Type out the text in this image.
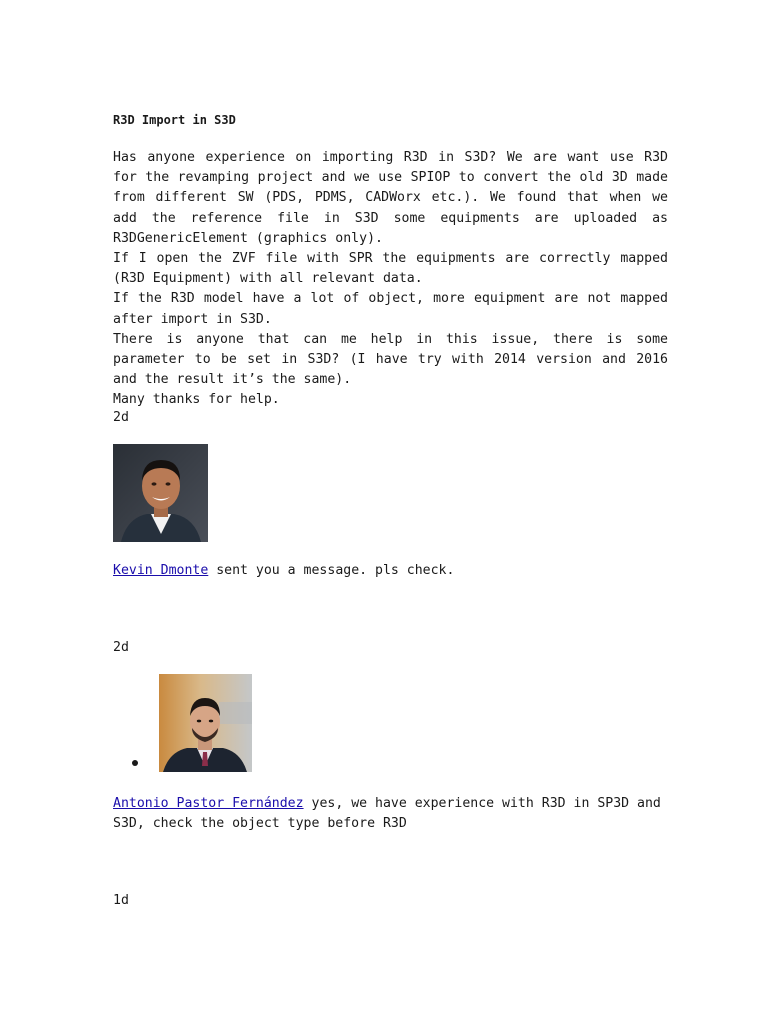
R3D Import in S3D

Has anyone experience on importing R3D in S3D? We are want use R3D for the revamping project and we use SPIOP to convert the old 3D made from different SW (PDS, PDMS, CADWorx etc.). We found that when we add the reference file in S3D some equipments are uploaded as R3DGenericElement (graphics only).

If I open the ZVF file with SPR the equipments are correctly mapped (R3D Equipment) with all relevant data.

If the R3D model have a lot of object, more equipment are not mapped after import in S3D.

There is anyone that can me help in this issue, there is some parameter to be set in S3D? (I have try with 2014 version and 2016 and the result it’s the same).

Many thanks for help.

2d
Kevin Dmonte sent you a message. pls check.
2d
Antonio Pastor Fernández yes, we have experience with R3D in SP3D and S3D, check the object type before R3D
1d
